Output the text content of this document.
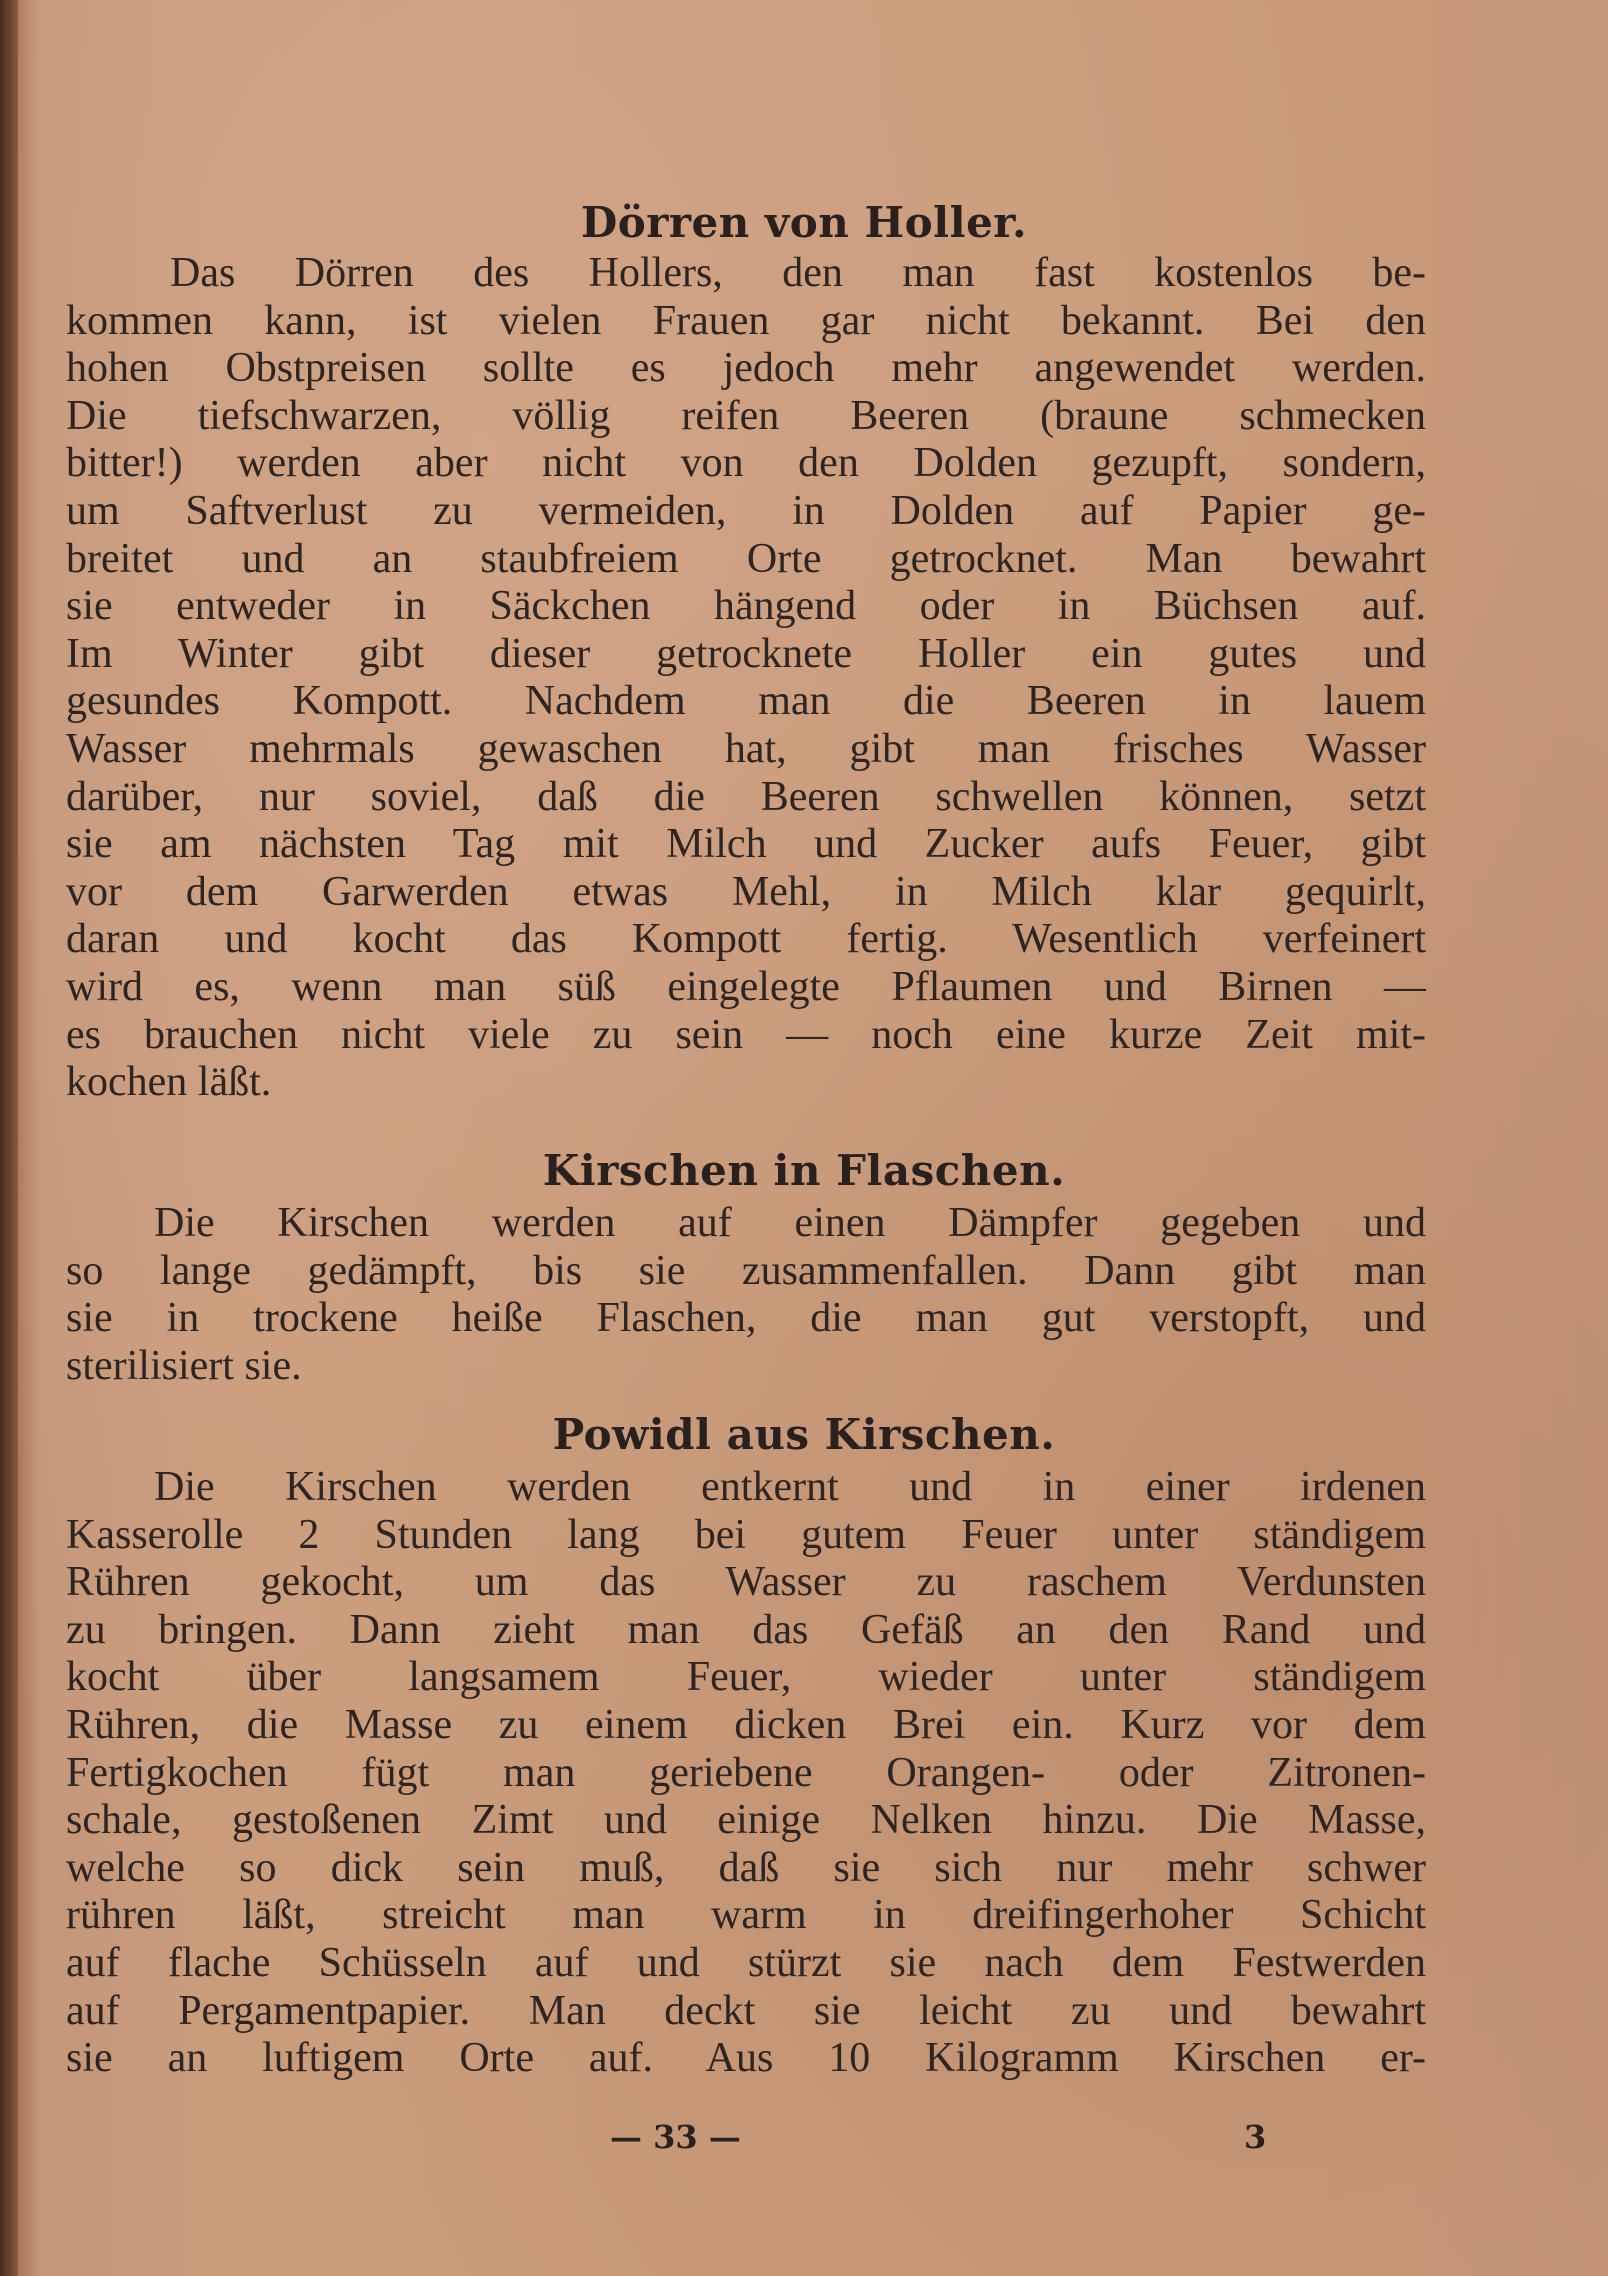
Dörren von Holler.
Das Dörren des Hollers, den man fast kostenlos be-
kommen kann, ist vielen Frauen gar nicht bekannt. Bei den
hohen Obstpreisen sollte es jedoch mehr angewendet werden.
Die tiefschwarzen, völlig reifen Beeren (braune schmecken
bitter!) werden aber nicht von den Dolden gezupft, sondern,
um Saftverlust zu vermeiden, in Dolden auf Papier ge-
breitet und an staubfreiem Orte getrocknet. Man bewahrt
sie entweder in Säckchen hängend oder in Büchsen auf.
Im Winter gibt dieser getrocknete Holler ein gutes und
gesundes Kompott. Nachdem man die Beeren in lauem
Wasser mehrmals gewaschen hat, gibt man frisches Wasser
darüber, nur soviel, daß die Beeren schwellen können, setzt
sie am nächsten Tag mit Milch und Zucker aufs Feuer, gibt
vor dem Garwerden etwas Mehl, in Milch klar gequirlt,
daran und kocht das Kompott fertig. Wesentlich verfeinert
wird es, wenn man süß eingelegte Pflaumen und Birnen —
es brauchen nicht viele zu sein — noch eine kurze Zeit mit-
kochen läßt.
Kirschen in Flaschen.
Die Kirschen werden auf einen Dämpfer gegeben und
so lange gedämpft, bis sie zusammenfallen. Dann gibt man
sie in trockene heiße Flaschen, die man gut verstopft, und
sterilisiert sie.
Powidl aus Kirschen.
Die Kirschen werden entkernt und in einer irdenen
Kasserolle 2 Stunden lang bei gutem Feuer unter ständigem
Rühren gekocht, um das Wasser zu raschem Verdunsten
zu bringen. Dann zieht man das Gefäß an den Rand und
kocht über langsamem Feuer, wieder unter ständigem
Rühren, die Masse zu einem dicken Brei ein. Kurz vor dem
Fertigkochen fügt man geriebene Orangen- oder Zitronen-
schale, gestoßenen Zimt und einige Nelken hinzu. Die Masse,
welche so dick sein muß, daß sie sich nur mehr schwer
rühren läßt, streicht man warm in dreifingerhoher Schicht
auf flache Schüsseln auf und stürzt sie nach dem Festwerden
auf Pergamentpapier. Man deckt sie leicht zu und bewahrt
sie an luftigem Orte auf. Aus 10 Kilogramm Kirschen er-
— 33 —	3
